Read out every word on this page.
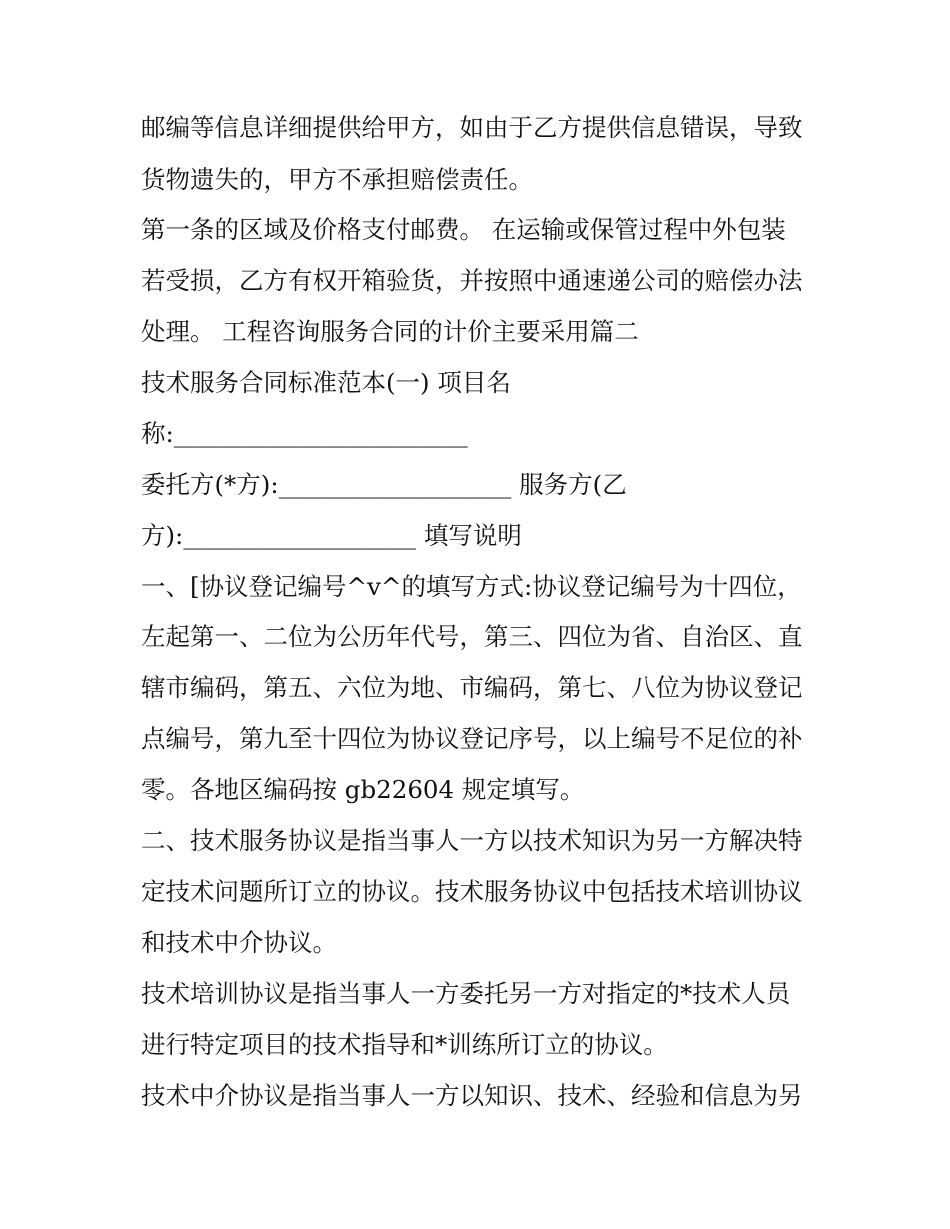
邮编等信息详细提供给甲方，如由于乙方提供信息错误，导致
货物遗失的，甲方不承担赔偿责任。
第一条的区域及价格支付邮费。 在运输或保管过程中外包装
若受损，乙方有权开箱验货，并按照中通速递公司的赔偿办法
处理。 工程咨询服务合同的计价主要采用篇二
技术服务合同标准范本(一) 项目名
称:________________________
委托方(*方):___________________ 服务方(乙
方):___________________ 填写说明
一、[协议登记编号^v^的填写方式:协议登记编号为十四位，
左起第一、二位为公历年代号，第三、四位为省、自治区、直
辖市编码，第五、六位为地、市编码，第七、八位为协议登记
点编号，第九至十四位为协议登记序号，以上编号不足位的补
零。各地区编码按 gb22604 规定填写。
二、技术服务协议是指当事人一方以技术知识为另一方解决特
定技术问题所订立的协议。技术服务协议中包括技术培训协议
和技术中介协议。
技术培训协议是指当事人一方委托另一方对指定的*技术人员
进行特定项目的技术指导和*训练所订立的协议。
技术中介协议是指当事人一方以知识、技术、经验和信息为另
